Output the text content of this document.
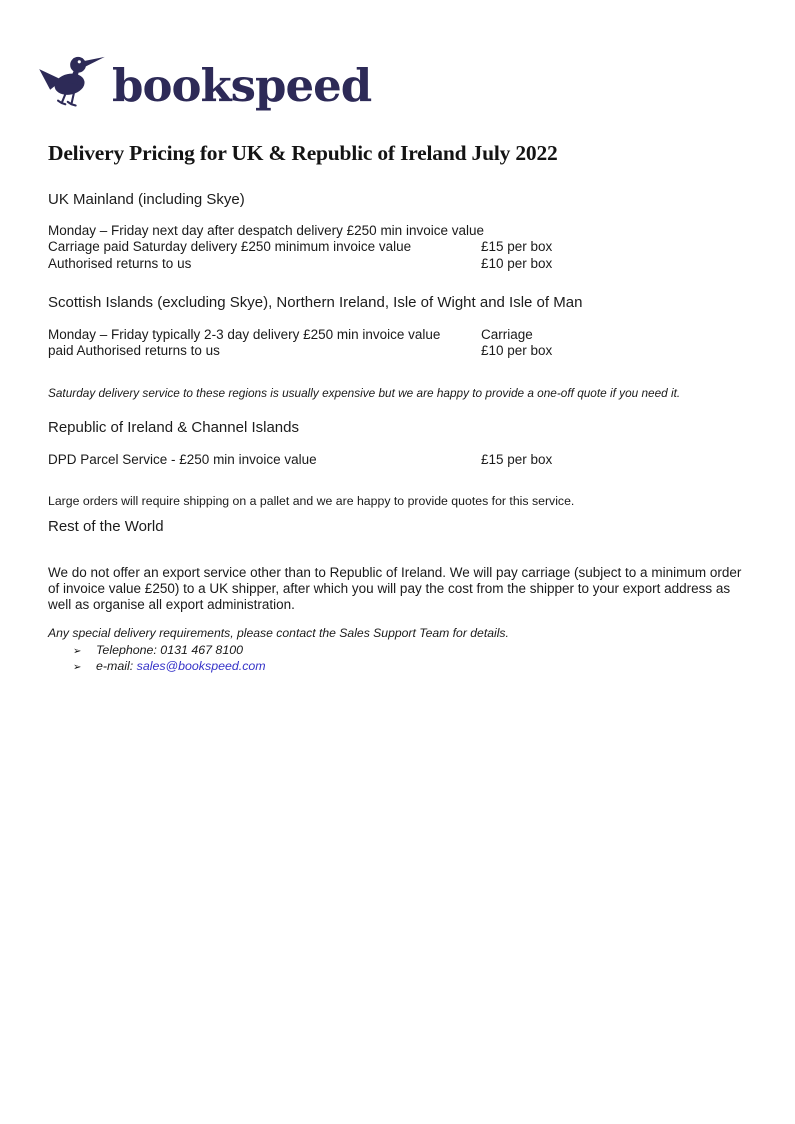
bookspeed
Delivery Pricing for UK & Republic of Ireland July 2022
UK Mainland (including Skye)
Monday – Friday next day after despatch delivery £250 min invoice value
Carriage paid Saturday delivery £250 minimum invoice value	£15 per box
Authorised returns to us	£10 per box
Scottish Islands (excluding Skye), Northern Ireland, Isle of Wight and Isle of Man
Monday – Friday typically 2-3 day delivery £250 min invoice value	Carriage
paid Authorised returns to us	£10 per box

Saturday delivery service to these regions is usually expensive but we are happy to provide a one-off quote if you need it.

Republic of Ireland & Channel Islands
DPD Parcel Service - £250 min invoice value	£15 per box

Large orders will require shipping on a pallet and we are happy to provide quotes for this service.

Rest of the World

We do not offer an export service other than to Republic of Ireland. We will pay carriage (subject to a minimum order of invoice value £250) to a UK shipper, after which you will pay the cost from the shipper to your export address as well as organise all export administration.

Any special delivery requirements, please contact the Sales Support Team for details.

➢ Telephone: 0131 467 8100
➢ e-mail: sales@bookspeed.com
